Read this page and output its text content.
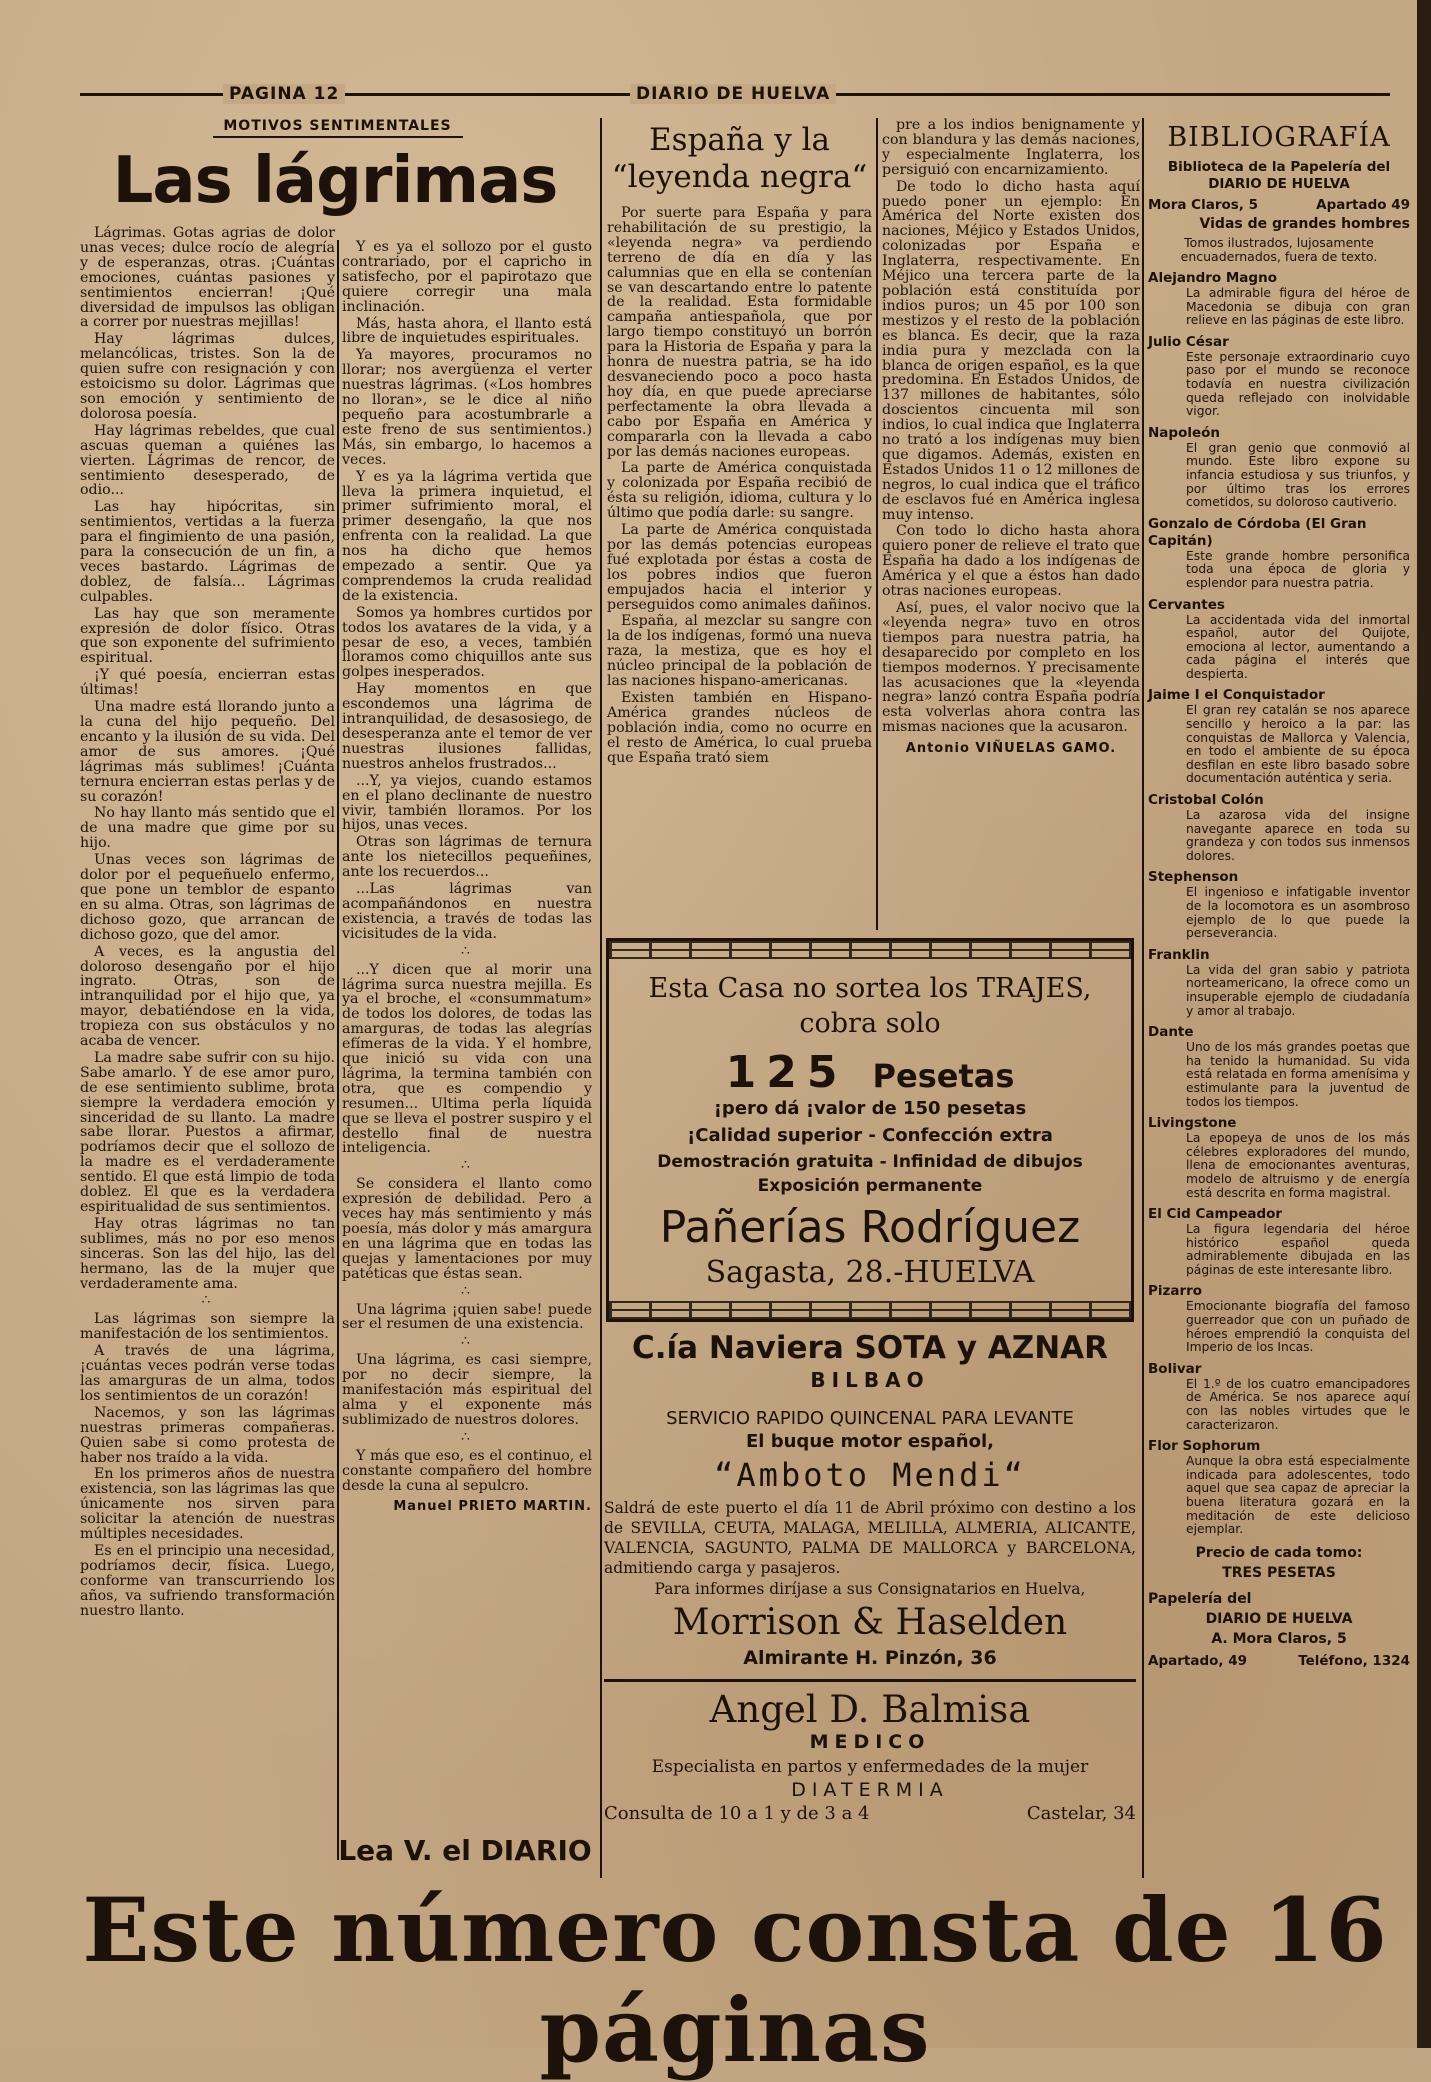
PAGINA 12	DIARIO DE HUELVA
MOTIVOS SENTIMENTALES
Las lágrimas

Lágrimas. Gotas agrias de dolor unas veces; dulce rocío de alegría y de esperanzas, otras. ¡Cuántas emociones, cuántas pasiones y sentimientos encierran! ¡Qué diversidad de impulsos las obligan a correr por nuestras mejillas!

Hay lágrimas dulces, melancólicas, tristes. Son la de quien sufre con resignación y con estoicismo su dolor. Lágrimas que son emoción y sentimiento de dolorosa poesía.

Hay lágrimas rebeldes, que cual ascuas queman a quiénes las vierten. Lágrimas de rencor, de sentimiento desesperado, de odio...

Las hay hipócritas, sin sentimientos, vertidas a la fuerza para el fingimiento de una pasión, para la consecución de un fin, a veces bastardo. Lágrimas de doblez, de falsía... Lágrimas culpables.

Las hay que son meramente expresión de dolor físico. Otras que son exponente del sufrimiento espiritual.

¡Y qué poesía, encierran estas últimas!

Una madre está llorando junto a la cuna del hijo pequeño. Del encanto y la ilusión de su vida. Del amor de sus amores. ¡Qué lágrimas más sublimes! ¡Cuánta ternura encierran estas perlas y de su corazón!

No hay llanto más sentido que el de una madre que gime por su hijo.

Unas veces son lágrimas de dolor por el pequeñuelo enfermo, que pone un temblor de espanto en su alma. Otras, son lágrimas de dichoso gozo, que arrancan de dichoso gozo, que del amor.

A veces, es la angustia del doloroso desengaño por el hijo ingrato. Otras, son de intranquilidad por el hijo que, ya mayor, debatiéndose en la vida, tropieza con sus obstáculos y no acaba de vencer.

La madre sabe sufrir con su hijo. Sabe amarlo. Y de ese amor puro, de ese sentimiento sublime, brota siempre la verdadera emoción y sinceridad de su llanto. La madre sabe llorar. Puestos a afirmar, podríamos decir que el sollozo de la madre es el verdaderamente sentido. El que está limpio de toda doblez. El que es la verdadera espiritualidad de sus sentimientos.

Hay otras lágrimas no tan sublimes, más no por eso menos sinceras. Son las del hijo, las del hermano, las de la mujer que verdaderamente ama.

∴

Las lágrimas son siempre la manifestación de los sentimientos.

A través de una lágrima, ¡cuántas veces podrán verse todas las amarguras de un alma, todos los sentimientos de un corazón!

Nacemos, y son las lágrimas nuestras primeras compañeras. Quien sabe si como protesta de haber nos traído a la vida.

En los primeros años de nuestra existencia, son las lágrimas las que únicamente nos sirven para solicitar la atención de nuestras múltiples necesidades.

Es en el principio una necesidad, podríamos decir, física. Luego, conforme van transcurriendo los años, va sufriendo transformación nuestro llanto.

Y es ya el sollozo por el gusto contrariado, por el capricho in satisfecho, por el papirotazo que quiere corregir una mala inclinación.

Más, hasta ahora, el llanto está libre de inquietudes espirituales.

Ya mayores, procuramos no llorar; nos avergüenza el verter nuestras lágrimas. («Los hombres no lloran», se le dice al niño pequeño para acostumbrarle a este freno de sus sentimientos.) Más, sin embargo, lo hacemos a veces.

Y es ya la lágrima vertida que lleva la primera inquietud, el primer sufrimiento moral, el primer desengaño, la que nos enfrenta con la realidad. La que nos ha dicho que hemos empezado a sentir. Que ya comprendemos la cruda realidad de la existencia.

Somos ya hombres curtidos por todos los avatares de la vida, y a pesar de eso, a veces, también lloramos como chiquillos ante sus golpes inesperados.

Hay momentos en que escondemos una lágrima de intranquilidad, de desasosiego, de desesperanza ante el temor de ver nuestras ilusiones fallidas, nuestros anhelos frustrados...

...Y, ya viejos, cuando estamos en el plano declinante de nuestro vivir, también lloramos. Por los hijos, unas veces.

Otras son lágrimas de ternura ante los nietecillos pequeñines, ante los recuerdos...

...Las lágrimas van acompañándonos en nuestra existencia, a través de todas las vicisitudes de la vida.

∴

...Y dicen que al morir una lágrima surca nuestra mejilla. Es ya el broche, el «consummatum» de todos los dolores, de todas las amarguras, de todas las alegrías efímeras de la vida. Y el hombre, que inició su vida con una lágrima, la termina también con otra, que es compendio y resumen... Ultima perla líquida que se lleva el postrer suspiro y el destello final de nuestra inteligencia.

∴

Se considera el llanto como expresión de debilidad. Pero a veces hay más sentimiento y más poesía, más dolor y más amargura en una lágrima que en todas las quejas y lamentaciones por muy patéticas que éstas sean.

∴

Una lágrima ¡quien sabe! puede ser el resumen de una existencia.

∴

Una lágrima, es casi siempre, por no decir siempre, la manifestación más espiritual del alma y el exponente más sublimizado de nuestros dolores.

∴

Y más que eso, es el continuo, el constante compañero del hombre desde la cuna al sepulcro.

Manuel PRIETO MARTIN.
España y la “leyenda negra“

Por suerte para España y para rehabilitación de su prestigio, la «leyenda negra» va perdiendo terreno de día en día y las calumnias que en ella se contenían se van descartando entre lo patente de la realidad. Esta formidable campaña antiespañola, que por largo tiempo constituyó un borrón para la Historia de España y para la honra de nuestra patria, se ha ido desvaneciendo poco a poco hasta hoy día, en que puede apreciarse perfectamente la obra llevada a cabo por España en América y compararla con la llevada a cabo por las demás naciones europeas.

La parte de América conquistada y colonizada por España recibió de ésta su religión, idioma, cultura y lo último que podía darle: su sangre.

La parte de América conquistada por las demás potencias europeas fué explotada por éstas a costa de los pobres indios que fueron empujados hacia el interior y perseguidos como animales dañinos.

España, al mezclar su sangre con la de los indígenas, formó una nueva raza, la mestiza, que es hoy el núcleo principal de la población de las naciones hispano-americanas.

Existen también en Hispano-América grandes núcleos de población india, como no ocurre en el resto de América, lo cual prueba que España trató siem

pre a los indios benignamente y con blandura y las demás naciones, y especialmente Inglaterra, los persiguió con encarnizamiento.

De todo lo dicho hasta aquí puedo poner un ejemplo: En América del Norte existen dos naciones, Méjico y Estados Unidos, colonizadas por España e Inglaterra, respectivamente. En Méjico una tercera parte de la población está constituída por indios puros; un 45 por 100 son mestizos y el resto de la población es blanca. Es decir, que la raza india pura y mezclada con la blanca de origen español, es la que predomina. En Estados Unidos, de 137 millones de habitantes, sólo doscientos cincuenta mil son indios, lo cual indica que Inglaterra no trató a los indígenas muy bien que digamos. Además, existen en Estados Unidos 11 o 12 millones de negros, lo cual indica que el tráfico de esclavos fué en América inglesa muy intenso.

Con todo lo dicho hasta ahora quiero poner de relieve el trato que España ha dado a los indígenas de América y el que a éstos han dado otras naciones europeas.

Así, pues, el valor nocivo que la «leyenda negra» tuvo en otros tiempos para nuestra patria, ha desaparecido por completo en los tiempos modernos. Y precisamente las acusaciones que la «leyenda negra» lanzó contra España podría esta volverlas ahora contra las mismas naciones que la acusaron.

Antonio VIÑUELAS GAMO.
Esta Casa no sortea los TRAJES,
cobra solo
125 Pesetas
¡pero dá ¡valor de 150 pesetas
¡Calidad superior - Confección extra
Demostración gratuita - Infinidad de dibujos
Exposición permanente
Pañerías Rodríguez
Sagasta, 28.-HUELVA
C.ía Naviera SOTA y AZNAR
BILBAO
SERVICIO RAPIDO QUINCENAL PARA LEVANTE
El buque motor español,
“Amboto Mendi“
Saldrá de este puerto el día 11 de Abril próximo con destino a los de SEVILLA, CEUTA, MALAGA, MELILLA, ALMERIA, ALICANTE, VALENCIA, SAGUNTO, PALMA DE MALLORCA y BARCELONA, admitiendo carga y pasajeros.
Para informes diríjase a sus Consignatarios en Huelva,
Morrison & Haselden
Almirante H. Pinzón, 36
Angel D. Balmisa
MEDICO
Especialista en partos y enfermedades de la mujer
DIATERMIA
Consulta de 10 a 1 y de 3 a 4	Castelar, 34
Lea V. el DIARIO
BIBLIOGRAFÍA
Biblioteca de la Papelería del DIARIO DE HUELVA
Mora Claros, 5	Apartado 49
Vidas de grandes hombres
Tomos ilustrados, lujosamente encuadernados, fuera de texto.
Alejandro Magno
La admirable figura del héroe de Macedonia se dibuja con gran relieve en las páginas de este libro.
Julio César
Este personaje extraordinario cuyo paso por el mundo se reconoce todavía en nuestra civilización queda reflejado con inolvidable vigor.
Napoleón
El gran genio que conmovió al mundo. Este libro expone su infancia estudiosa y sus triunfos, y por último tras los errores cometidos, su doloroso cautiverio.
Gonzalo de Córdoba (El Gran Capitán)
Este grande hombre personifica toda una época de gloria y esplendor para nuestra patria.
Cervantes
La accidentada vida del inmortal español, autor del Quijote, emociona al lector, aumentando a cada página el interés que despierta.
Jaime I el Conquistador
El gran rey catalán se nos aparece sencillo y heroico a la par: las conquistas de Mallorca y Valencia, en todo el ambiente de su época desfilan en este libro basado sobre documentación auténtica y seria.
Cristobal Colón
La azarosa vida del insigne navegante aparece en toda su grandeza y con todos sus inmensos dolores.
Stephenson
El ingenioso e infatigable inventor de la locomotora es un asombroso ejemplo de lo que puede la perseverancia.
Franklin
La vida del gran sabio y patriota norteamericano, la ofrece como un insuperable ejemplo de ciudadanía y amor al trabajo.
Dante
Uno de los más grandes poetas que ha tenido la humanidad. Su vida está relatada en forma amenísima y estimulante para la juventud de todos los tiempos.
Livingstone
La epopeya de unos de los más célebres exploradores del mundo, llena de emocionantes aventuras, modelo de altruismo y de energía está descrita en forma magistral.
El Cid Campeador
La figura legendaria del héroe histórico español queda admirablemente dibujada en las páginas de este interesante libro.
Pizarro
Emocionante biografía del famoso guerreador que con un puñado de héroes emprendió la conquista del Imperio de los Incas.
Bolivar
El 1.º de los cuatro emancipadores de América. Se nos aparece aquí con las nobles virtudes que le caracterizaron.
Flor Sophorum
Aunque la obra está especialmente indicada para adolescentes, todo aquel que sea capaz de apreciar la buena literatura gozará en la meditación de este delicioso ejemplar.
Precio de cada tomo:
TRES PESETAS
Papelería del
DIARIO DE HUELVA
A. Mora Claros, 5
Apartado, 49	Teléfono, 1324
Este número consta de 16 páginas
